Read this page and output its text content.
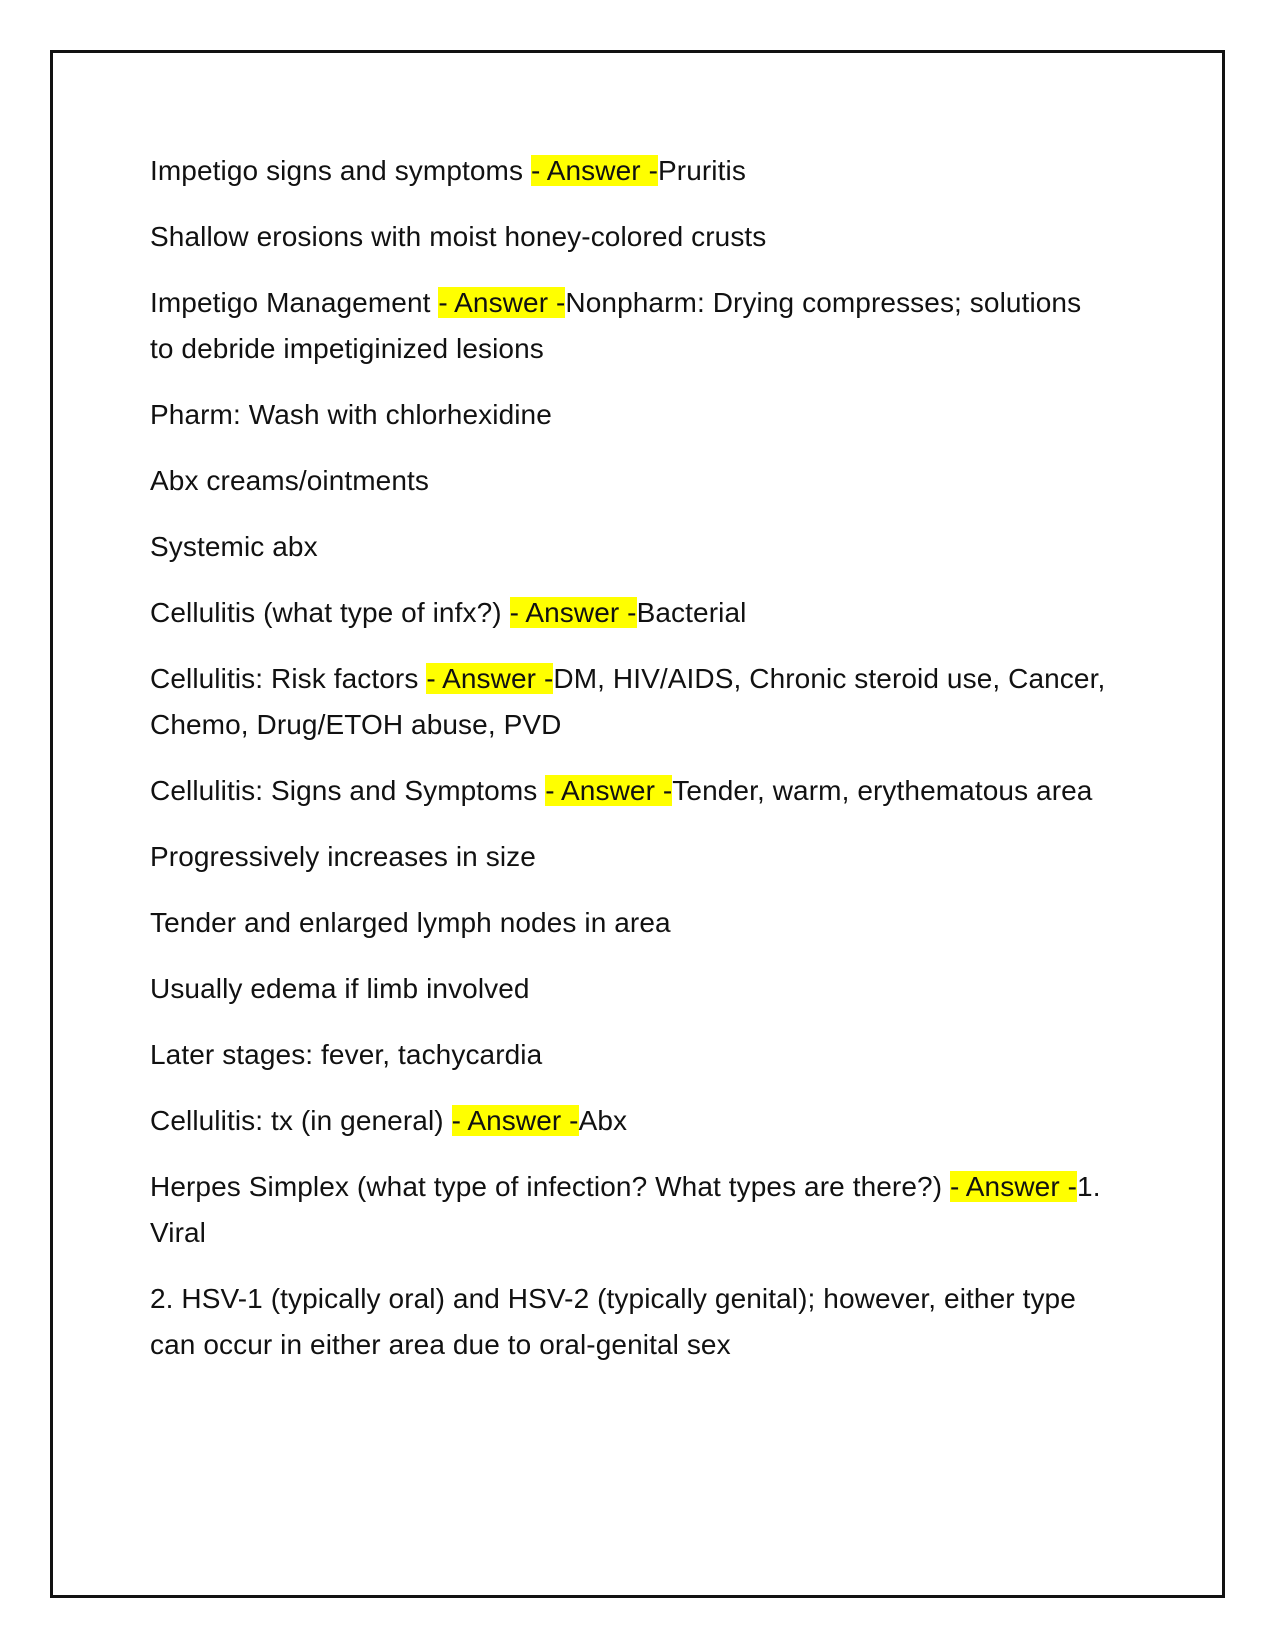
Impetigo signs and symptoms - Answer -Pruritis

Shallow erosions with moist honey-colored crusts

Impetigo Management - Answer -Nonpharm: Drying compresses; solutions to debride impetiginized lesions

Pharm: Wash with chlorhexidine

Abx creams/ointments

Systemic abx

Cellulitis (what type of infx?) - Answer -Bacterial

Cellulitis: Risk factors - Answer -DM, HIV/AIDS, Chronic steroid use, Cancer, Chemo, Drug/ETOH abuse, PVD

Cellulitis: Signs and Symptoms - Answer -Tender, warm, erythematous area

Progressively increases in size

Tender and enlarged lymph nodes in area

Usually edema if limb involved

Later stages: fever, tachycardia

Cellulitis: tx (in general) - Answer -Abx

Herpes Simplex (what type of infection? What types are there?) - Answer -1. Viral

2. HSV-1 (typically oral) and HSV-2 (typically genital); however, either type can occur in either area due to oral-genital sex
